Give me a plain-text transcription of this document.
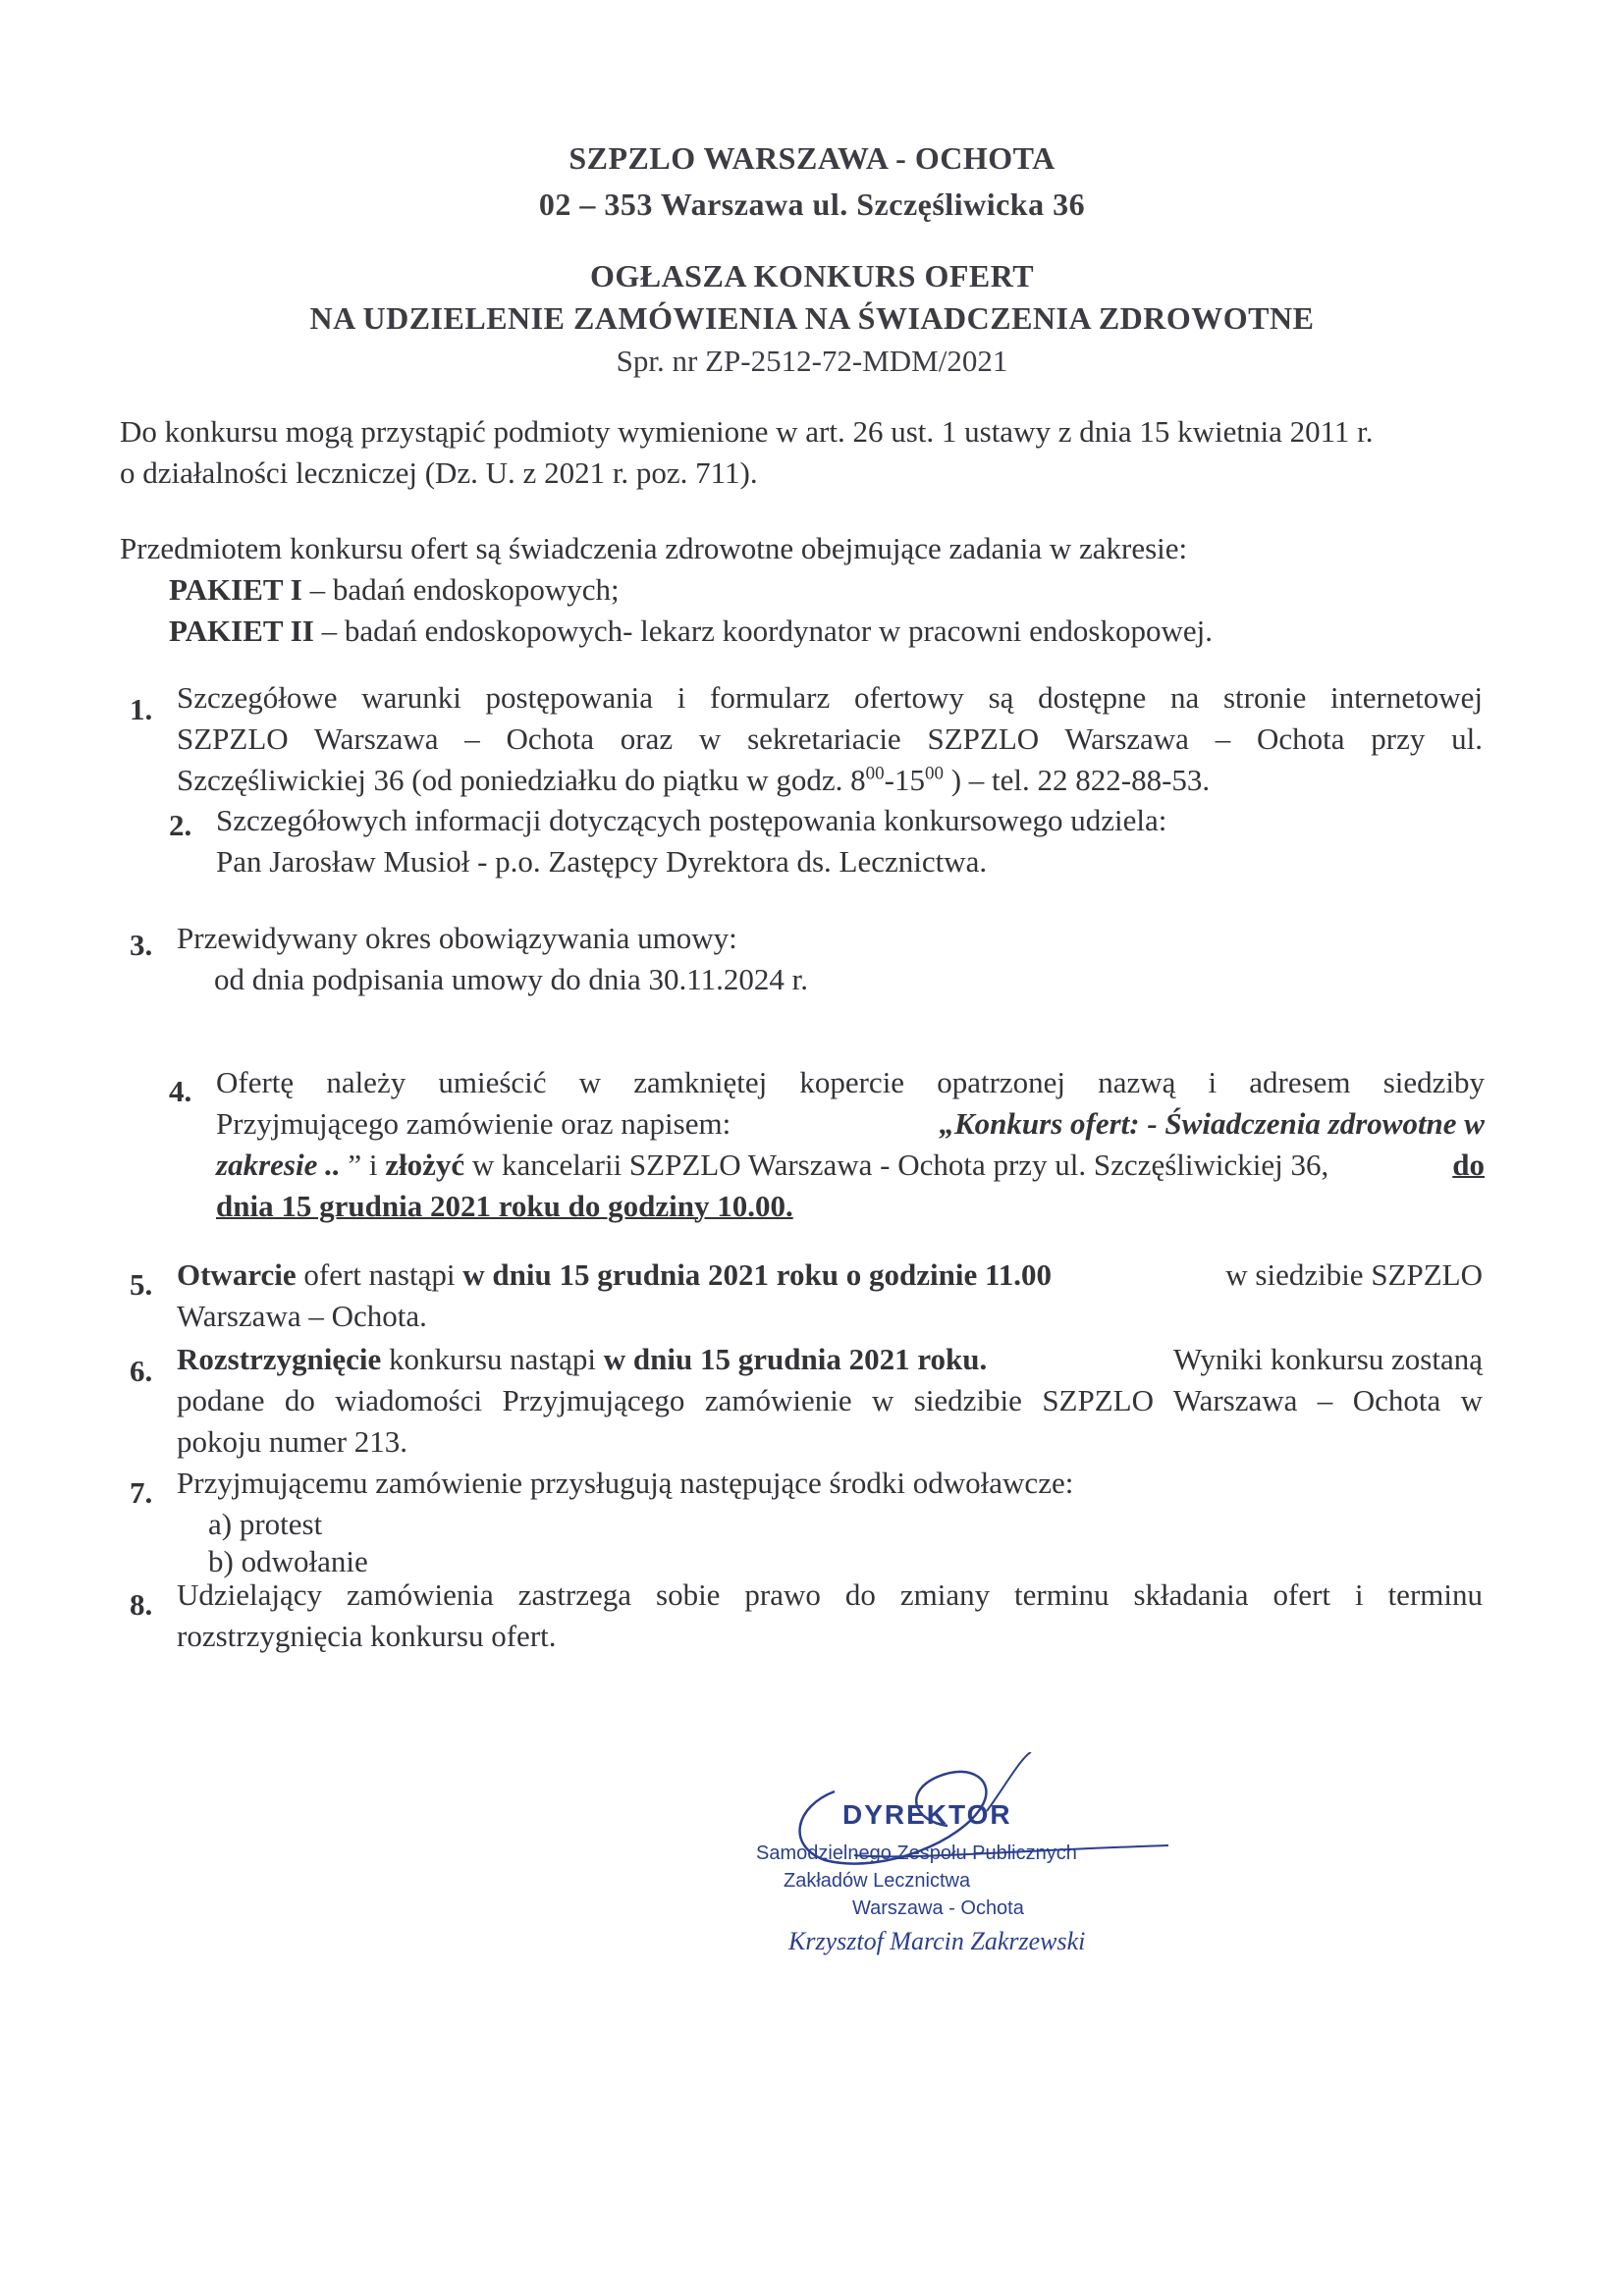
SZPZLO WARSZAWA - OCHOTA
02 – 353 Warszawa ul. Szczęśliwicka 36
OGŁASZA KONKURS OFERT
NA UDZIELENIE ZAMÓWIENIA NA ŚWIADCZENIA ZDROWOTNE
Spr. nr ZP-2512-72-MDM/2021
Do konkursu mogą przystąpić podmioty wymienione w art. 26 ust. 1 ustawy z dnia 15 kwietnia 2011 r.
o działalności leczniczej (Dz. U. z 2021 r. poz. 711).
Przedmiotem konkursu ofert są świadczenia zdrowotne obejmujące zadania w zakresie:
PAKIET I – badań endoskopowych;
PAKIET II – badań endoskopowych- lekarz koordynator w pracowni endoskopowej.
1. Szczegółowe warunki postępowania i formularz ofertowy są dostępne na stronie internetowej
SZPZLO Warszawa – Ochota oraz w sekretariacie SZPZLO Warszawa – Ochota przy ul.
Szczęśliwickiej 36 (od poniedziałku do piątku w godz. $8^{00}-15^{00}$ ) – tel. 22 822-88-53.
2. Szczegółowych informacji dotyczących postępowania konkursowego udziela:
Pan Jarosław Musioł - p.o. Zastępcy Dyrektora ds. Lecznictwa.
3. Przewidywany okres obowiązywania umowy:
od dnia podpisania umowy do dnia 30.11.2024 r.
4. Ofertę należy umieścić w zamkniętej kopercie opatrzonej nazwą i adresem siedziby
Przyjmującego zamówienie oraz napisem:	„Konkurs ofert: - Świadczenia zdrowotne w
zakresie .. ” i złożyć w kancelarii SZPZLO Warszawa - Ochota przy ul. Szczęśliwickiej 36,	do
dnia 15 grudnia 2021 roku do godziny 10.00.
5. Otwarcie ofert nastąpi w dniu 15 grudnia 2021 roku o godzinie 11.00	w siedzibie SZPZLO
Warszawa – Ochota.
6. Rozstrzygnięcie konkursu nastąpi w dniu 15 grudnia 2021 roku.	Wyniki konkursu zostaną
podane do wiadomości Przyjmującego zamówienie w siedzibie SZPZLO Warszawa – Ochota w
pokoju numer 213.
7. Przyjmującemu zamówienie przysługują następujące środki odwoławcze:
a) protest
b) odwołanie
8. Udzielający zamówienia zastrzega sobie prawo do zmiany terminu składania ofert i terminu
rozstrzygnięcia konkursu ofert.
DYREKTOR
Samodzielnego Zespołu Publicznych
Zakładów Lecznictwa
Warszawa - Ochota
Krzysztof Marcin Zakrzewski
